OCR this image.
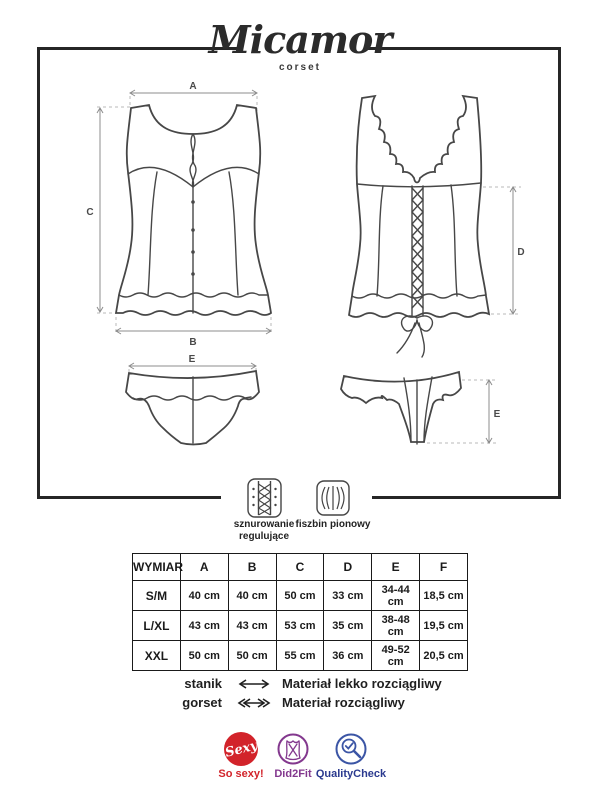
A
B
C
D
E
E
Micamor
corset
sznurowanie regulujące
fiszbin pionowy
WYMIAR	A	B	C	D	E	F
S/M	40 cm	40 cm	50 cm	33 cm	34-44 cm	18,5 cm
L/XL	43 cm	43 cm	53 cm	35 cm	38-48 cm	19,5 cm
XXL	50 cm	50 cm	55 cm	36 cm	49-52 cm	20,5 cm
stanik	Materiał lekko rozciągliwy
gorset	Materiał rozciągliwy
Sexy
So sexy! Did2Fit QualityCheck
